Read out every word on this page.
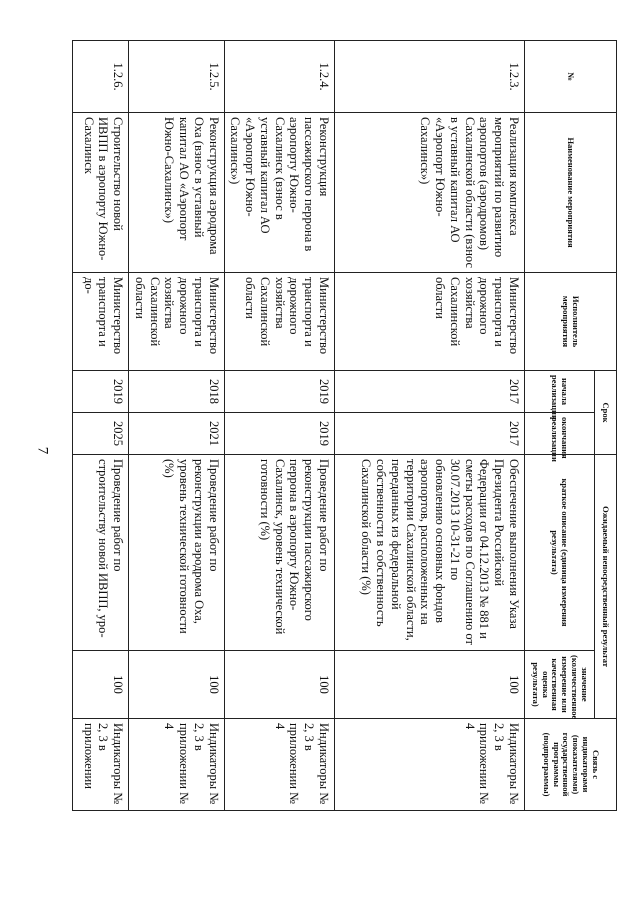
7
№	Наименование мероприятия	Исполнитель мероприятия	Срок		Ожидаемый непосредственный результат		Связь с индикаторами (показателями) государственной программы (подпрограммы)
			начала реализации	окончания реализации	краткое описание (единица измерения результата)	значение (количественное измерение или качественная оценка результата)	
1.2.3.	Реализация комплекса мероприятий по развитию аэропортов (аэродромов) Сахалинской области (взнос в уставный капитал АО «Аэропорт Южно-Сахалинск»)	Министерство транспорта и дорожного хозяйства Сахалинской области	2017	2017	Обеспечение выполнения Указа Президента Российской Федерации от 04.12.2013 № 881 и сметы расходов по Соглашению от 30.07.2013 10-31-21 по обновлению основных фондов аэропортов, расположенных на территории Сахалинской области, переданных из федеральной собственности в собственность Сахалинской области (%)	100	Индикаторы № 2, 3 в приложении № 4
1.2.4.	Реконструкция пассажирского перрона в аэропорту Южно-Сахалинск (взнос в уставный капитал АО «Аэропорт Южно-Сахалинск»)	Министерство транспорта и дорожного хозяйства Сахалинской области	2019	2019	Проведение работ по реконструкции пассажирского перрона в аэропорту Южно-Сахалинск, уровень технической готовности (%)	100	Индикаторы № 2, 3 в приложении № 4
1.2.5.	Реконструкция аэродрома Оха (взнос в уставный капитал АО «Аэропорт Южно-Сахалинск»)	Министерство транспорта и дорожного хозяйства Сахалинской области	2018	2021	Проведение работ по реконструкции аэродрома Оха, уровень технической готовности (%)	100	Индикаторы № 2, 3 в приложении № 4
1.2.6.	Строительство новой ИВПП в аэропорту Южно-Сахалинск	Министерство транспорта и до-	2019	2025	Проведение работ по строительству новой ИВПП, уро-	100	Индикаторы № 2, 3 в приложении
